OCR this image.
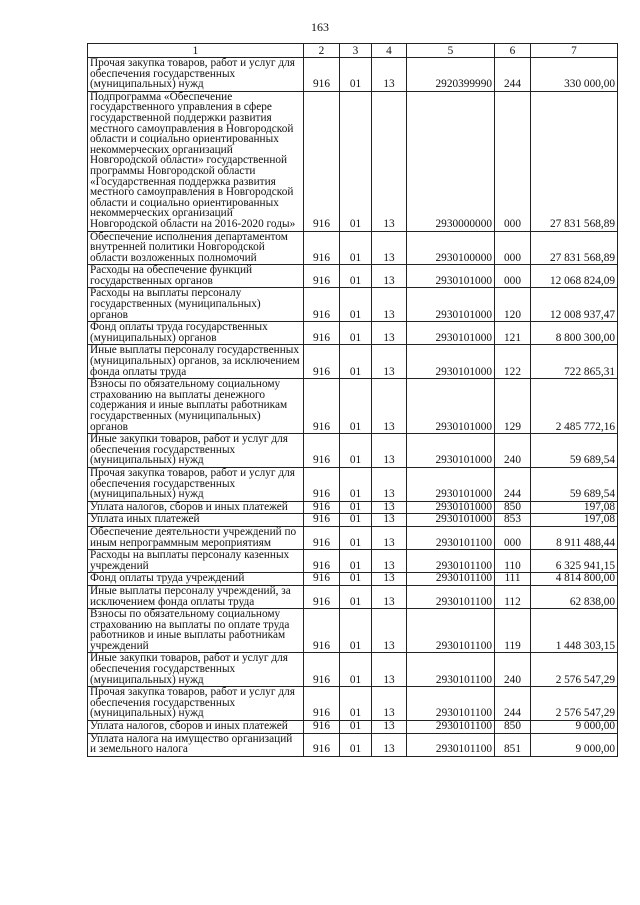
163
1	2	3	4	5	6	7
Прочая закупка товаров, работ и услуг для обеспечения государственных (муниципальных) нужд	916	01	13	2920399990	244	330 000,00
Подпрограмма «Обеспечение государственного управления в сфере государственной поддержки развития местного самоуправления в Новгородской области и социально ориентированных некоммерческих организаций Новгородской области» государственной программы Новгородской области «Государственная поддержка развития местного самоуправления в Новгородской области и социально ориентированных некоммерческих организаций Новгородской области на 2016-2020 годы»	916	01	13	2930000000	000	27 831 568,89
Обеспечение исполнения департаментом внутренней политики Новгородской области возложенных полномочий	916	01	13	2930100000	000	27 831 568,89
Расходы на обеспечение функций государственных органов	916	01	13	2930101000	000	12 068 824,09
Расходы на выплаты персоналу государственных (муниципальных) органов	916	01	13	2930101000	120	12 008 937,47
Фонд оплаты труда государственных (муниципальных) органов	916	01	13	2930101000	121	8 800 300,00
Иные выплаты персоналу государственных (муниципальных) органов, за исключением фонда оплаты труда	916	01	13	2930101000	122	722 865,31
Взносы по обязательному социальному страхованию на выплаты денежного содержания и иные выплаты работникам государственных (муниципальных) органов	916	01	13	2930101000	129	2 485 772,16
Иные закупки товаров, работ и услуг для обеспечения государственных (муниципальных) нужд	916	01	13	2930101000	240	59 689,54
Прочая закупка товаров, работ и услуг для обеспечения государственных (муниципальных) нужд	916	01	13	2930101000	244	59 689,54
Уплата налогов, сборов и иных платежей	916	01	13	2930101000	850	197,08
Уплата иных платежей	916	01	13	2930101000	853	197,08
Обеспечение деятельности учреждений по иным непрограммным мероприятиям	916	01	13	2930101100	000	8 911 488,44
Расходы на выплаты персоналу казенных учреждений	916	01	13	2930101100	110	6 325 941,15
Фонд оплаты труда учреждений	916	01	13	2930101100	111	4 814 800,00
Иные выплаты персоналу учреждений, за исключением фонда оплаты труда	916	01	13	2930101100	112	62 838,00
Взносы по обязательному социальному страхованию на выплаты по оплате труда работников и иные выплаты работникам учреждений	916	01	13	2930101100	119	1 448 303,15
Иные закупки товаров, работ и услуг для обеспечения государственных (муниципальных) нужд	916	01	13	2930101100	240	2 576 547,29
Прочая закупка товаров, работ и услуг для обеспечения государственных (муниципальных) нужд	916	01	13	2930101100	244	2 576 547,29
Уплата налогов, сборов и иных платежей	916	01	13	2930101100	850	9 000,00
Уплата налога на имущество организаций и земельного налога	916	01	13	2930101100	851	9 000,00
